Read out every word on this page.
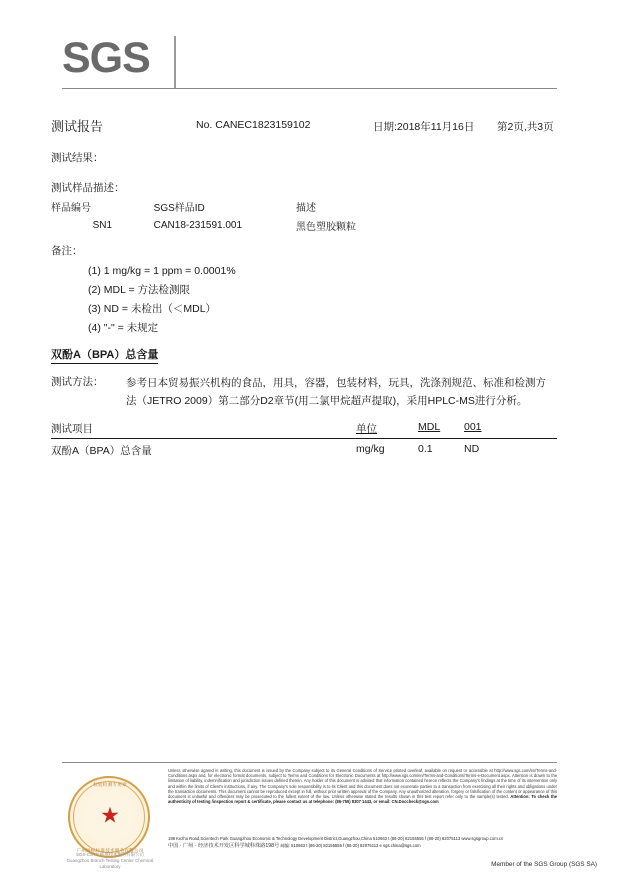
SGS
测试报告	No. CANEC1823159102	日期:2018年11月16日 第2页,共3页
测试结果：
测试样品描述：
样品编号	SGS样品ID	描述
SN1	CAN18-231591.001	黑色塑胶颗粒
备注：
(1) 1 mg/kg = 1 ppm = 0.0001%
(2) MDL = 方法检测限
(3) ND = 未检出（＜MDL）
(4) "-" = 未规定
双酚A（BPA）总含量
测试方法： 参考日本贸易振兴机构的食品，用具，容器，包装材料，玩具，洗涤剂规范、标准和检测方
法（JETRO 2009）第二部分D2章节(用二氯甲烷超声提取)，采用HPLC-MS进行分析。
测试项目	单位	MDL	001
双酚A（BPA）总含量	mg/kg	0.1	ND
检验检测专用章
★
广州通标标准技术服务有限公司
SGS-CSTC 标准技术服务有限公司
Guangzhou Branch Testing Center Chemical Laboratory
Unless otherwise agreed in writing, this document is issued by the Company subject to its General Conditions of Service printed overleaf, available on request or accessible at http://www.sgs.com/en/Terms-and-Conditions.aspx and, for electronic format documents, subject to Terms and Conditions for Electronic Documents at http://www.sgs.com/en/Terms-and-Conditions/Terms-e-Document.aspx. Attention is drawn to the limitation of liability, indemnification and jurisdiction issues defined therein. Any holder of this document is advised that information contained hereon reflects the Company's findings at the time of its intervention only and within the limits of Client's instructions, if any. The Company's sole responsibility is to its Client and this document does not exonerate parties to a transaction from exercising all their rights and obligations under the transaction documents. This document cannot be reproduced except in full, without prior written approval of the Company. Any unauthorized alteration, forgery or falsification of the content or appearance of this document is unlawful and offenders may be prosecuted to the fullest extent of the law. Unless otherwise stated the results shown in this test report refer only to the sample(s) tested. Attention: To check the authenticity of testing /inspection report & certificate, please contact us at telephone: (86-755) 8307 1443, or email: CN.Doccheck@sgs.com
198 Kezhu Road,Scientech Park Guangzhou Economic & Technology Development District,Guangzhou,China 510663 t (86-20) 82155555 f (86-20) 82075113 www.sgsgroup.com.cn
中国 · 广州 · 经济技术开发区科学城科珠路198号 邮编: 510663 t (86-20) 82155555 f (86-20) 82075113 e sgs.china@sgs.com
Member of the SGS Group (SGS SA)
